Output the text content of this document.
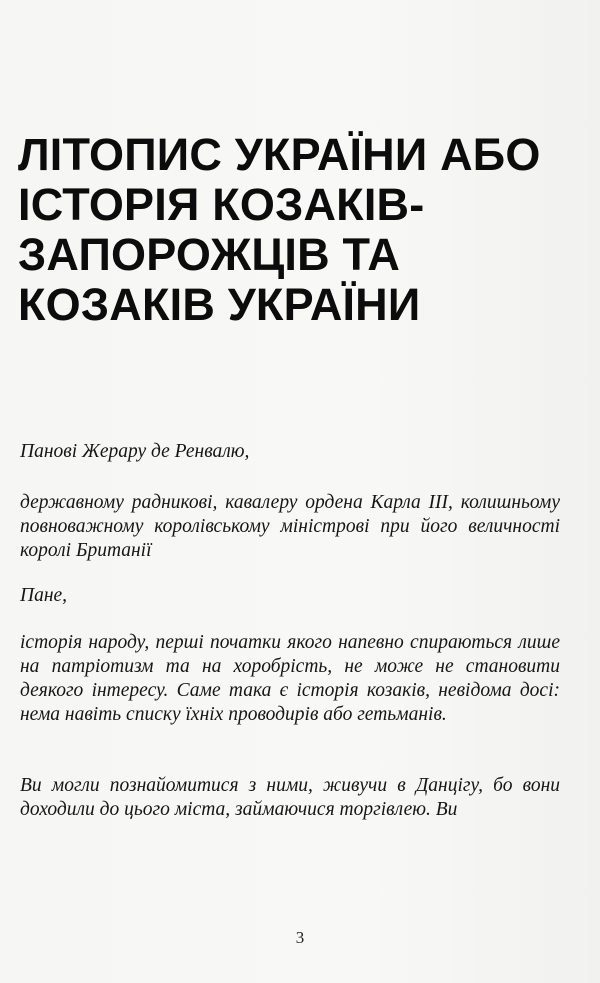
ЛІТОПИС УКРАЇНИ АБО
ІСТОРІЯ КОЗАКІВ-
ЗАПОРОЖЦІВ ТА
КОЗАКІВ УКРАЇНИ

Панові Жерару де Ренвалю,

державному радникові, кавалеру ордена Карла III, колишньому повноважному королівському міністрові при його величності королі Британії

Пане,

історія народу, перші початки якого напевно спираються лише на патріотизм та на хоробрість, не може не становити деякого інтересу. Саме така є історія козаків, невідома досі: нема навіть списку їхніх проводирів або гетьманів.

Ви могли познайомитися з ними, живучи в Данцігу, бо вони доходили до цього міста, займаючися торгівлею. Ви

3
